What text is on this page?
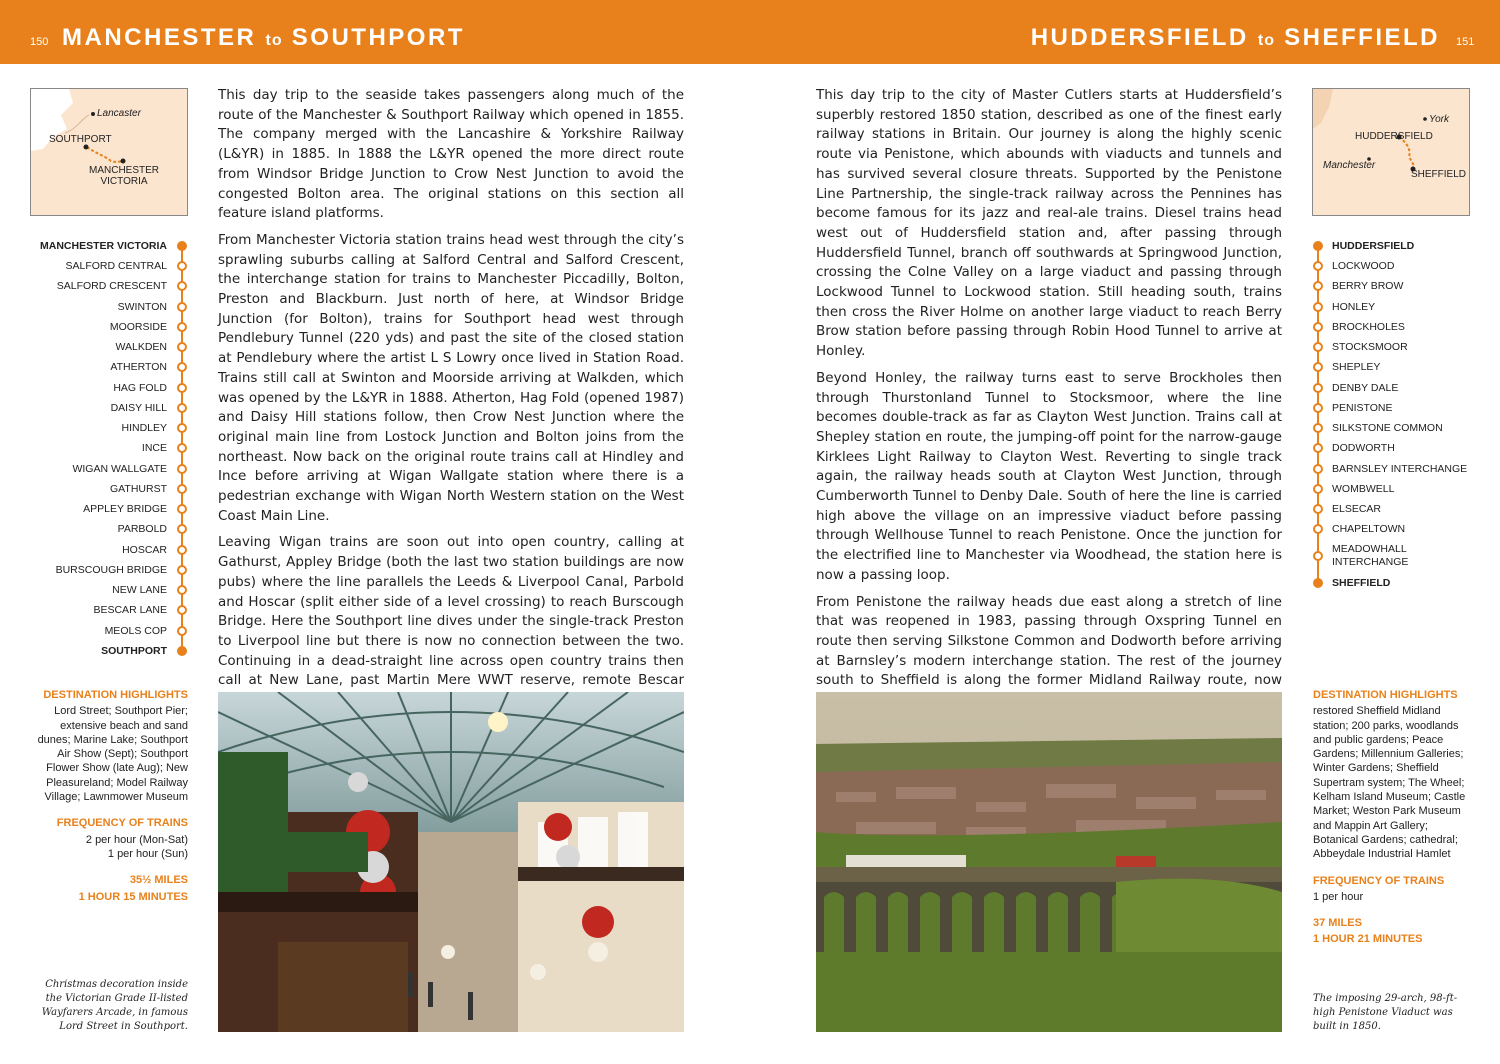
150 MANCHESTER to SOUTHPORT	HUDDERSFIELD to SHEFFIELD 151
Lancaster
SOUTHPORT
MANCHESTER
VICTORIA
York
HUDDERSFIELD
Manchester
SHEFFIELD
MANCHESTER VICTORIA
SALFORD CENTRAL
SALFORD CRESCENT
SWINTON
MOORSIDE
WALKDEN
ATHERTON
HAG FOLD
DAISY HILL
HINDLEY
INCE
WIGAN WALLGATE
GATHURST
APPLEY BRIDGE
PARBOLD
HOSCAR
BURSCOUGH BRIDGE
NEW LANE
BESCAR LANE
MEOLS COP
SOUTHPORT
HUDDERSFIELD
LOCKWOOD
BERRY BROW
HONLEY
BROCKHOLES
STOCKSMOOR
SHEPLEY
DENBY DALE
PENISTONE
SILKSTONE COMMON
DODWORTH
BARNSLEY INTERCHANGE
WOMBWELL
ELSECAR
CHAPELTOWN
MEADOWHALL
INTERCHANGE
SHEFFIELD

This day trip to the seaside takes passengers along much of the route of the Manchester & Southport Railway which opened in 1855. The company merged with the Lancashire & Yorkshire Railway (L&YR) in 1885. In 1888 the L&YR opened the more direct route from Windsor Bridge Junction to Crow Nest Junction to avoid the congested Bolton area. The original stations on this section all feature island platforms.

From Manchester Victoria station trains head west through the city’s sprawling suburbs calling at Salford Central and Salford Crescent, the interchange station for trains to Manchester Piccadilly, Bolton, Preston and Blackburn. Just north of here, at Windsor Bridge Junction (for Bolton), trains for Southport head west through Pendlebury Tunnel (220 yds) and past the site of the closed station at Pendlebury where the artist L S Lowry once lived in Station Road. Trains still call at Swinton and Moorside arriving at Walkden, which was opened by the L&YR in 1888. Atherton, Hag Fold (opened 1987) and Daisy Hill stations follow, then Crow Nest Junction where the original main line from Lostock Junction and Bolton joins from the northeast. Now back on the original route trains call at Hindley and Ince before arriving at Wigan Wallgate station where there is a pedestrian exchange with Wigan North Western station on the West Coast Main Line.

Leaving Wigan trains are soon out into open country, calling at Gathurst, Appley Bridge (both the last two station buildings are now pubs) where the line parallels the Leeds & Liverpool Canal, Parbold and Hoscar (split either side of a level crossing) to reach Burscough Bridge. Here the Southport line dives under the single-track Preston to Liverpool line but there is now no connection between the two. Continuing in a dead-straight line across open country trains then call at New Lane, past Martin Mere WWT reserve, remote Bescar

This day trip to the city of Master Cutlers starts at Huddersfield’s superbly restored 1850 station, described as one of the finest early railway stations in Britain. Our journey is along the highly scenic route via Penistone, which abounds with viaducts and tunnels and has survived several closure threats. Supported by the Penistone Line Partnership, the single-track railway across the Pennines has become famous for its jazz and real-ale trains. Diesel trains head west out of Huddersfield station and, after passing through Huddersfield Tunnel, branch off southwards at Springwood Junction, crossing the Colne Valley on a large viaduct and passing through Lockwood Tunnel to Lockwood station. Still heading south, trains then cross the River Holme on another large viaduct to reach Berry Brow station before passing through Robin Hood Tunnel to arrive at Honley.

Beyond Honley, the railway turns east to serve Brockholes then through Thurstonland Tunnel to Stocksmoor, where the line becomes double-track as far as Clayton West Junction. Trains call at Shepley station en route, the jumping-off point for the narrow-gauge Kirklees Light Railway to Clayton West. Reverting to single track again, the railway heads south at Clayton West Junction, through Cumberworth Tunnel to Denby Dale. South of here the line is carried high above the village on an impressive viaduct before passing through Wellhouse Tunnel to reach Penistone. Once the junction for the electrified line to Manchester via Woodhead, the station here is now a passing loop.

From Penistone the railway heads due east along a stretch of line that was reopened in 1983, passing through Oxspring Tunnel en route then serving Silkstone Common and Dodworth before arriving at Barnsley’s modern interchange station. The rest of the journey south to Sheffield is along the former Midland Railway route, now

DESTINATION HIGHLIGHTS
Lord Street; Southport Pier; extensive beach and sand dunes; Marine Lake; Southport Air Show (Sept); Southport Flower Show (late Aug); New Pleasureland; Model Railway Village; Lawnmower Museum
FREQUENCY OF TRAINS
2 per hour (Mon-Sat)
1 per hour (Sun)
35½ MILES
1 HOUR 15 MINUTES
Christmas decoration inside the Victorian Grade II-listed Wayfarers Arcade, in famous Lord Street in Southport.
DESTINATION HIGHLIGHTS
restored Sheffield Midland station; 200 parks, woodlands and public gardens; Peace Gardens; Millennium Galleries; Winter Gardens; Sheffield Supertram system; The Wheel; Kelham Island Museum; Castle Market; Weston Park Museum and Mappin Art Gallery; Botanical Gardens; cathedral; Abbeydale Industrial Hamlet
FREQUENCY OF TRAINS
1 per hour
37 MILES
1 HOUR 21 MINUTES
The imposing 29-arch, 98-ft-high Penistone Viaduct was built in 1850.
